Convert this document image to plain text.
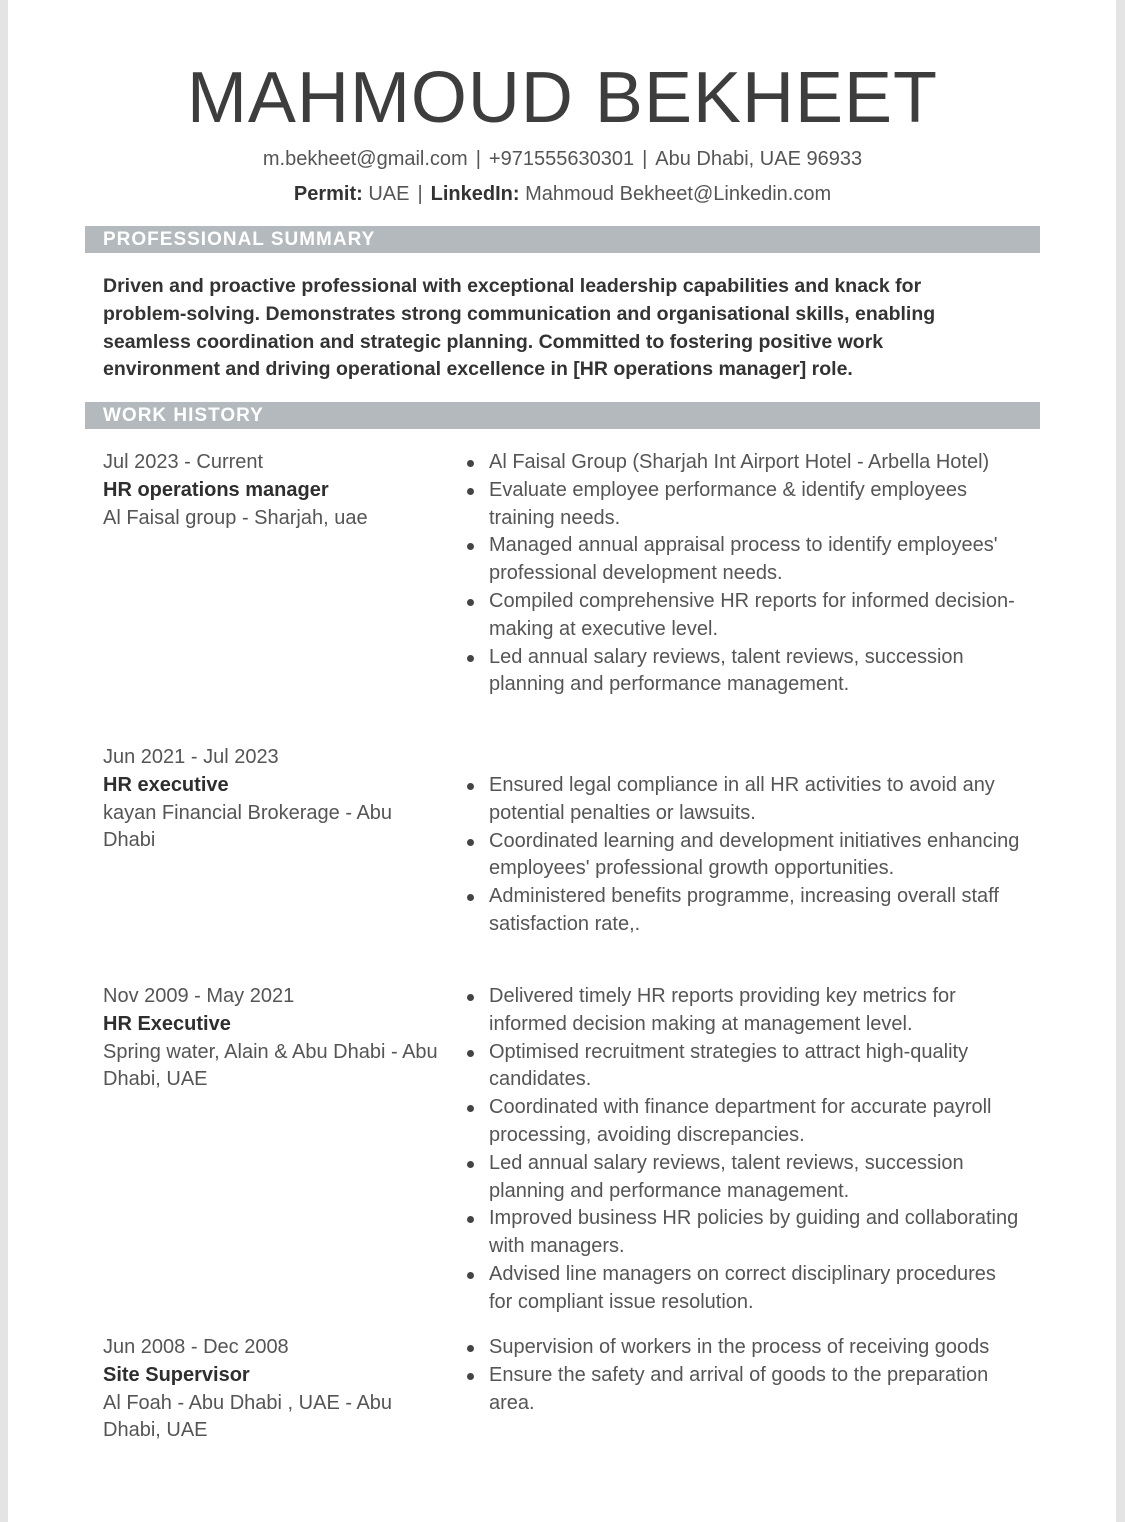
MAHMOUD BEKHEET
m.bekheet@gmail.com | +971555630301 | Abu Dhabi, UAE 96933
Permit: UAE | LinkedIn: Mahmoud Bekheet@Linkedin.com
PROFESSIONAL SUMMARY

Driven and proactive professional with exceptional leadership capabilities and knack for problem-solving. Demonstrates strong communication and organisational skills, enabling seamless coordination and strategic planning. Committed to fostering positive work environment and driving operational excellence in [HR operations manager] role.

WORK HISTORY
Jul 2023 - Current
HR operations manager
Al Faisal group - Sharjah, uae
Al Faisal Group (Sharjah Int Airport Hotel - Arbella Hotel)
Evaluate employee performance & identify employees training needs.
Managed annual appraisal process to identify employees' professional development needs.
Compiled comprehensive HR reports for informed decision-making at executive level.
Led annual salary reviews, talent reviews, succession planning and performance management.
Jun 2021 - Jul 2023
HR executive
kayan Financial Brokerage - Abu Dhabi
Ensured legal compliance in all HR activities to avoid any potential penalties or lawsuits.
Coordinated learning and development initiatives enhancing employees' professional growth opportunities.
Administered benefits programme, increasing overall staff satisfaction rate,.
Nov 2009 - May 2021
HR Executive
Spring water, Alain & Abu Dhabi - Abu Dhabi, UAE
Delivered timely HR reports providing key metrics for informed decision making at management level.
Optimised recruitment strategies to attract high-quality candidates.
Coordinated with finance department for accurate payroll processing, avoiding discrepancies.
Led annual salary reviews, talent reviews, succession planning and performance management.
Improved business HR policies by guiding and collaborating with managers.
Advised line managers on correct disciplinary procedures for compliant issue resolution.
Jun 2008 - Dec 2008
Site Supervisor
Al Foah - Abu Dhabi , UAE - Abu Dhabi, UAE
Supervision of workers in the process of receiving goods
Ensure the safety and arrival of goods to the preparation area.
